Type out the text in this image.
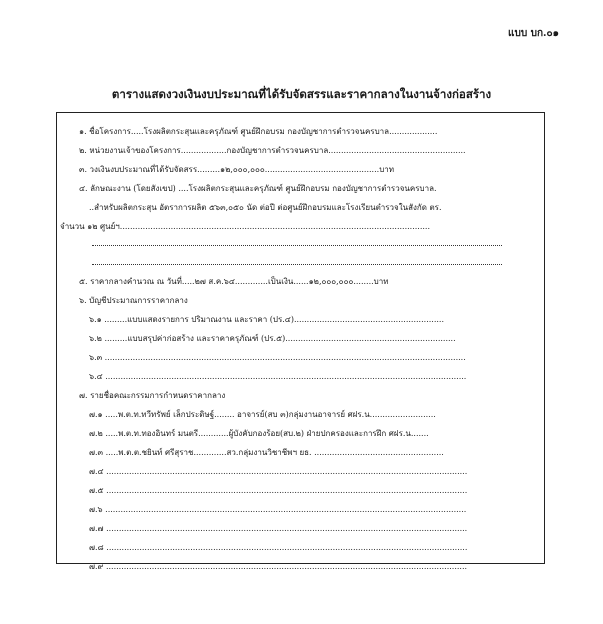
แบบ บก.๐๑
ตารางแสดงวงเงินงบประมาณที่ได้รับจัดสรรและราคากลางในงานจ้างก่อสร้าง
๑. ชื่อโครงการ.....โรงผลิตกระสุนและครุภัณฑ์ ศูนย์ฝึกอบรม กองบัญชาการตำรวจนครบาล...................
๒. หน่วยงานเจ้าของโครงการ..................กองบัญชาการตำรวจนครบาล......................................................
๓. วงเงินงบประมาณที่ได้รับจัดสรร.........๑๒,๐๐๐,๐๐๐.............................................บาท
๔. ลักษณะงาน (โดยสังเขป) ....โรงผลิตกระสุนและครุภัณฑ์ ศูนย์ฝึกอบรม กองบัญชาการตำรวจนครบาล.
..สำหรับผลิตกระสุน อัตราการผลิต ๕๖๓,๐๕๐ นัด ต่อปี ต่อศูนย์ฝึกอบรมและโรงเรียนตำรวจในสังกัด ตร.
จำนวน ๑๒ ศูนย์ฯ..........................................................................................................................
๕. ราคากลางคำนวณ ณ วันที่.....๒๗ ส.ค.๖๔.............เป็นเงิน......๑๒,๐๐๐,๐๐๐........บาท
๖. บัญชีประมาณการราคากลาง
๖.๑ .........แบบแสดงรายการ ปริมาณงาน และราคา (ปร.๔)...........................................................
๖.๒ .........แบบสรุปค่าก่อสร้าง และราคาครุภัณฑ์ (ปร.๕)...................................................................
๖.๓ ..............................................................................................................................................
๖.๔ ..............................................................................................................................................
๗. รายชื่อคณะกรรมการกำหนดราคากลาง
๗.๑ .....พ.ต.ท.ทวีทรัพย์ เล็กประดิษฐ์........ อาจารย์(สบ ๓)กลุ่มงานอาจารย์ ศฝร.น..........................
๗.๒ .....พ.ต.ท.ทองอินทร์ มนตรี............ผู้บังคับกองร้อย(สบ.๒) ฝ่ายปกครองและการฝึก ศฝร.น.......
๗.๓ .....พ.ต.ต.ชยินท์ ศรีสุราช.............สว.กลุ่มงานวิชาชีพฯ ยธ. ...................................................
๗.๔ ..............................................................................................................................................
๗.๕ ..............................................................................................................................................
๗.๖ ..............................................................................................................................................
๗.๗ ..............................................................................................................................................
๗.๘ ..............................................................................................................................................
๗.๙ ..............................................................................................................................................
